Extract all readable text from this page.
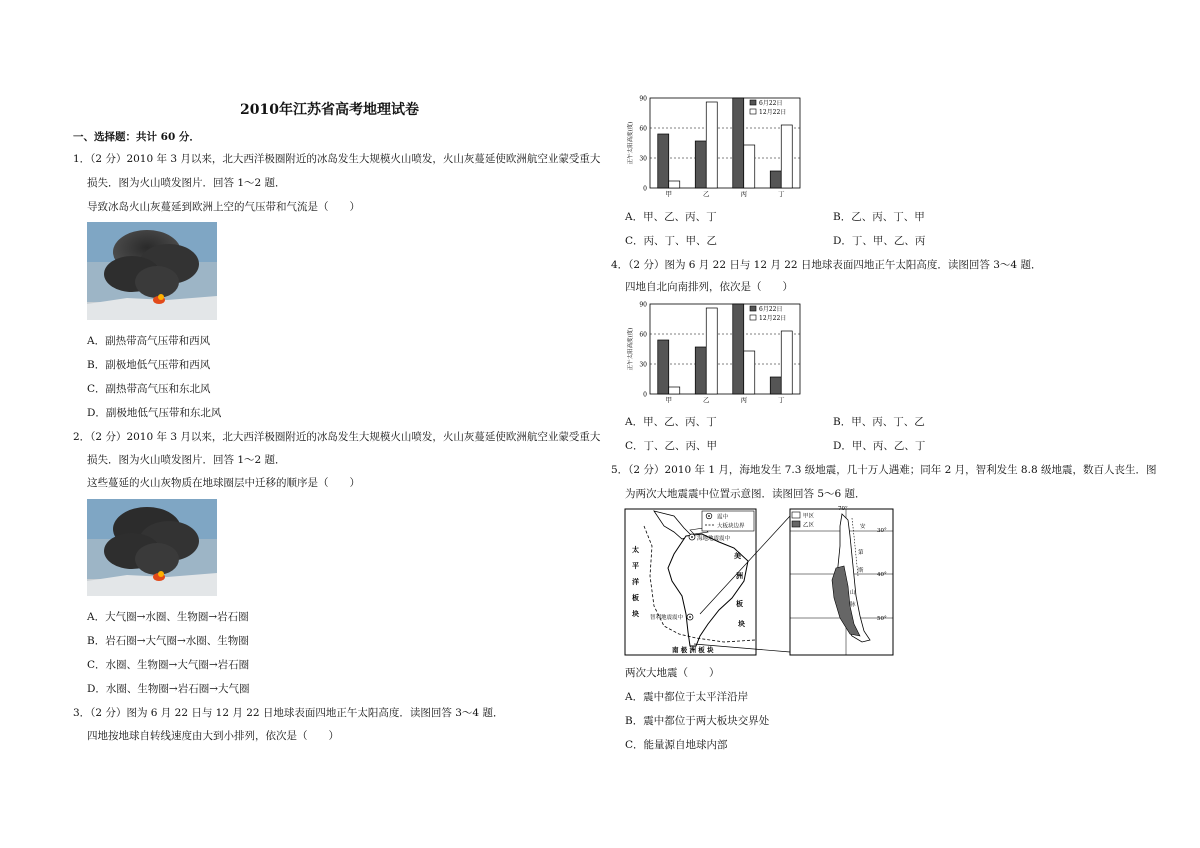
2010年江苏省高考地理试卷
一、选择题：共计 60 分．
1．（2 分）2010 年 3 月以来，北大西洋极圈附近的冰岛发生大规模火山喷发，火山灰蔓延使欧洲航空业蒙受重大
损失．图为火山喷发图片．回答 1～2 题．
导致冰岛火山灰蔓延到欧洲上空的气压带和气流是（　　）
A．副热带高气压带和西风
B．副极地低气压带和西风
C．副热带高气压和东北风
D．副极地低气压带和东北风
2．（2 分）2010 年 3 月以来，北大西洋极圈附近的冰岛发生大规模火山喷发，火山灰蔓延使欧洲航空业蒙受重大
损失．图为火山喷发图片．回答 1～2 题．
这些蔓延的火山灰物质在地球圈层中迁移的顺序是（　　）
A．大气圈→水圈、生物圈→岩石圈
B．岩石圈→大气圈→水圈、生物圈
C．水圈、生物圈→大气圈→岩石圈
D．水圈、生物圈→岩石圈→大气圈
3．（2 分）图为 6 月 22 日与 12 月 22 日地球表面四地正午太阳高度．读图回答 3～4 题．
四地按地球自转线速度由大到小排列，依次是（　　）
0
30
60
90
正午太阳高度(度)
甲	乙	丙	丁
6月22日
12月22日
A．甲、乙、丙、丁	B．乙、丙、丁、甲
C．丙、丁、甲、乙	D．丁、甲、乙、丙
4．（2 分）图为 6 月 22 日与 12 月 22 日地球表面四地正午太阳高度．读图回答 3～4 题．
四地自北向南排列，依次是（　　）
0
30
60
90
正午太阳高度(度)
甲	乙	丙	丁
6月22日
12月22日
A．甲、乙、丙、丁	B．甲、丙、丁、乙
C．丁、乙、丙、甲	D．甲、丙、乙、丁
5．（2 分）2010 年 1 月，海地发生 7.3 级地震，几十万人遇难；同年 2 月，智利发生 8.8 级地震，数百人丧生．图
为两次大地震震中位置示意图．读图回答 5～6 题．
震中
大板块边界
海地地震震中
智利地震震中
太
平
洋
板
块
美
洲
板
块
南 极 洲 板 块
70°
30°
40°
50°
甲区
乙区	安
第
斯
山
脉
两次大地震（　　）
A．震中都位于太平洋沿岸
B．震中都位于两大板块交界处
C．能量源自地球内部
